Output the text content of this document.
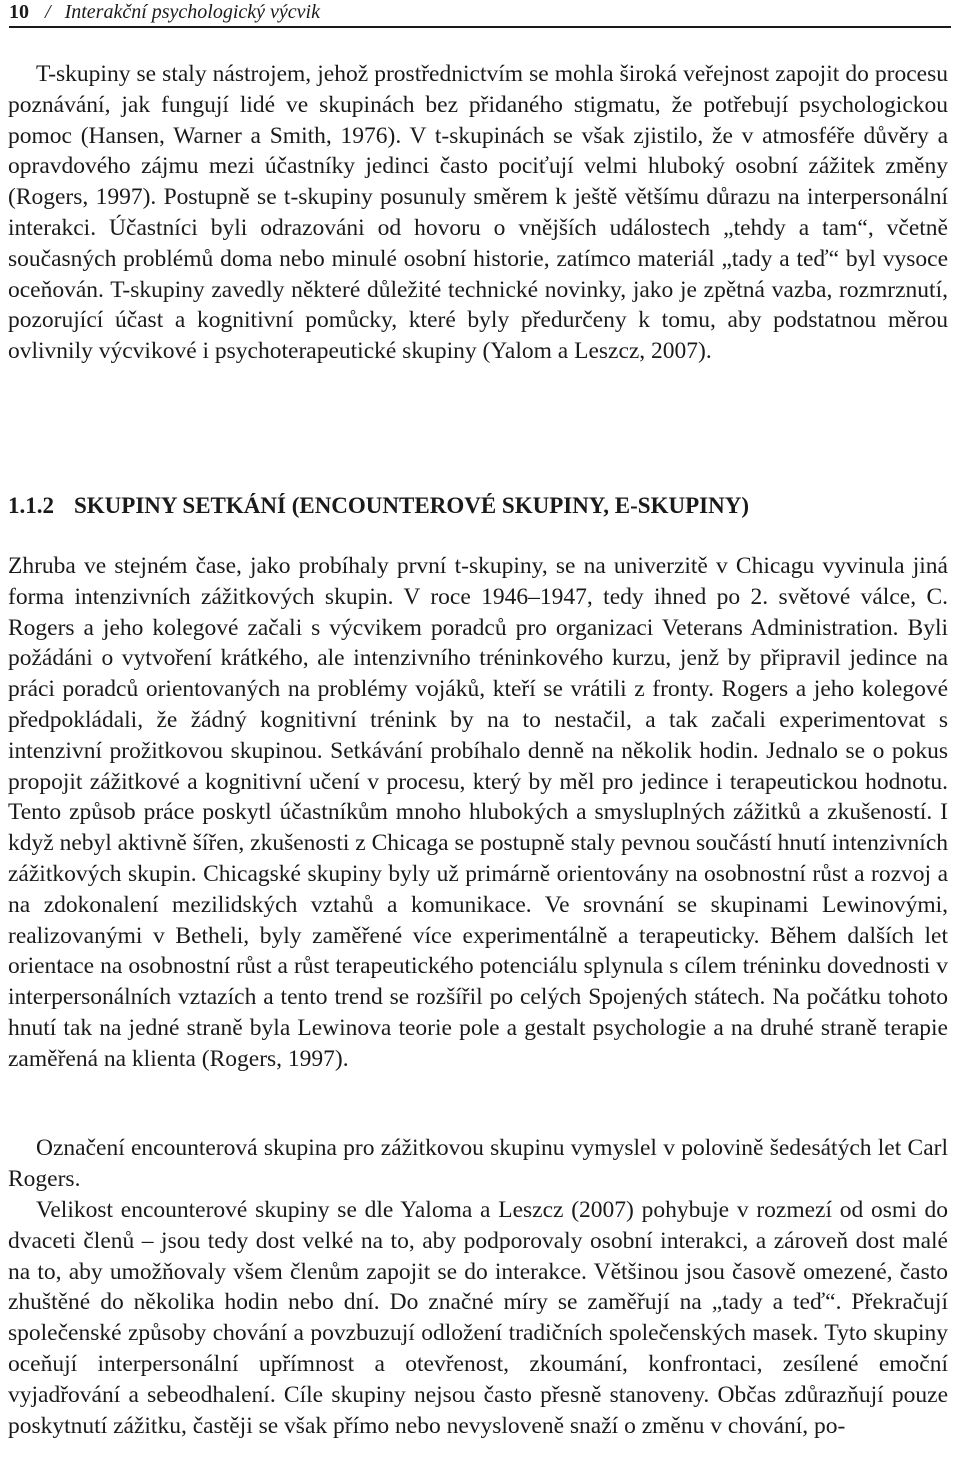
10 / Interakční psychologický výcvik

T-skupiny se staly nástrojem, jehož prostřednictvím se mohla široká veřejnost zapojit do procesu poznávání, jak fungují lidé ve skupinách bez přidaného stigmatu, že potřebují psychologickou pomoc (Hansen, Warner a Smith, 1976). V t-skupinách se však zjistilo, že v atmosféře důvěry a opravdového zájmu mezi účastníky jedinci často pociťují velmi hluboký osobní zážitek změny (Rogers, 1997). Postupně se t-skupiny posunuly směrem k ještě většímu důrazu na interpersonální interakci. Účastníci byli odrazováni od hovoru o vnějších událostech „tehdy a tam“, včetně současných problémů doma nebo minulé osobní historie, zatímco materiál „tady a teď“ byl vysoce oceňován. T-skupiny zavedly některé důležité technické novinky, jako je zpětná vazba, rozmrznutí, pozorující účast a kognitivní pomůcky, které byly předurčeny k tomu, aby podstatnou měrou ovlivnily výcvikové i psychoterapeutické skupiny (Yalom a Leszcz, 2007).

1.1.2 SKUPINY SETKÁNÍ (ENCOUNTEROVÉ SKUPINY, E-SKUPINY)

Zhruba ve stejném čase, jako probíhaly první t-skupiny, se na univerzitě v Chicagu vyvinula jiná forma intenzivních zážitkových skupin. V roce 1946–1947, tedy ihned po 2. světové válce, C. Rogers a jeho kolegové začali s výcvikem poradců pro organizaci Veterans Administration. Byli požádáni o vytvoření krátkého, ale intenzivního tréninkového kurzu, jenž by připravil jedince na práci poradců orientovaných na problémy vojáků, kteří se vrátili z fronty. Rogers a jeho kolegové předpokládali, že žádný kognitivní trénink by na to nestačil, a tak začali experimentovat s intenzivní prožitkovou skupinou. Setkávání probíhalo denně na několik hodin. Jednalo se o pokus propojit zážitkové a kognitivní učení v procesu, který by měl pro jedince i terapeutickou hodnotu. Tento způsob práce poskytl účastníkům mnoho hlubokých a smysluplných zážitků a zkušeností. I když nebyl aktivně šířen, zkušenosti z Chicaga se postupně staly pevnou součástí hnutí intenzivních zážitkových skupin. Chicagské skupiny byly už primárně orientovány na osobnostní růst a rozvoj a na zdokonalení mezilidských vztahů a komunikace. Ve srovnání se skupinami Lewinovými, realizovanými v Betheli, byly zaměřené více experimentálně a terapeuticky. Během dalších let orientace na osobnostní růst a růst terapeutického potenciálu splynula s cílem tréninku dovednosti v interpersonálních vztazích a tento trend se rozšířil po celých Spojených státech. Na počátku tohoto hnutí tak na jedné straně byla Lewinova teorie pole a gestalt psychologie a na druhé straně terapie zaměřená na klienta (Rogers, 1997).

Označení encounterová skupina pro zážitkovou skupinu vymyslel v polovině šedesátých let Carl Rogers.

Velikost encounterové skupiny se dle Yaloma a Leszcz (2007) pohybuje v rozmezí od osmi do dvaceti členů – jsou tedy dost velké na to, aby podporovaly osobní interakci, a zároveň dost malé na to, aby umožňovaly všem členům zapojit se do interakce. Většinou jsou časově omezené, často zhuštěné do několika hodin nebo dní. Do značné míry se zaměřují na „tady a teď“. Překračují společenské způsoby chování a povzbuzují odložení tradičních společenských masek. Tyto skupiny oceňují interpersonální upřímnost a otevřenost, zkoumání, konfrontaci, zesílené emoční vyjadřování a sebeodhalení. Cíle skupiny nejsou často přesně stanoveny. Občas zdůrazňují pouze poskytnutí zážitku, častěji se však přímo nebo nevysloveně snaží o změnu v chování, po-
